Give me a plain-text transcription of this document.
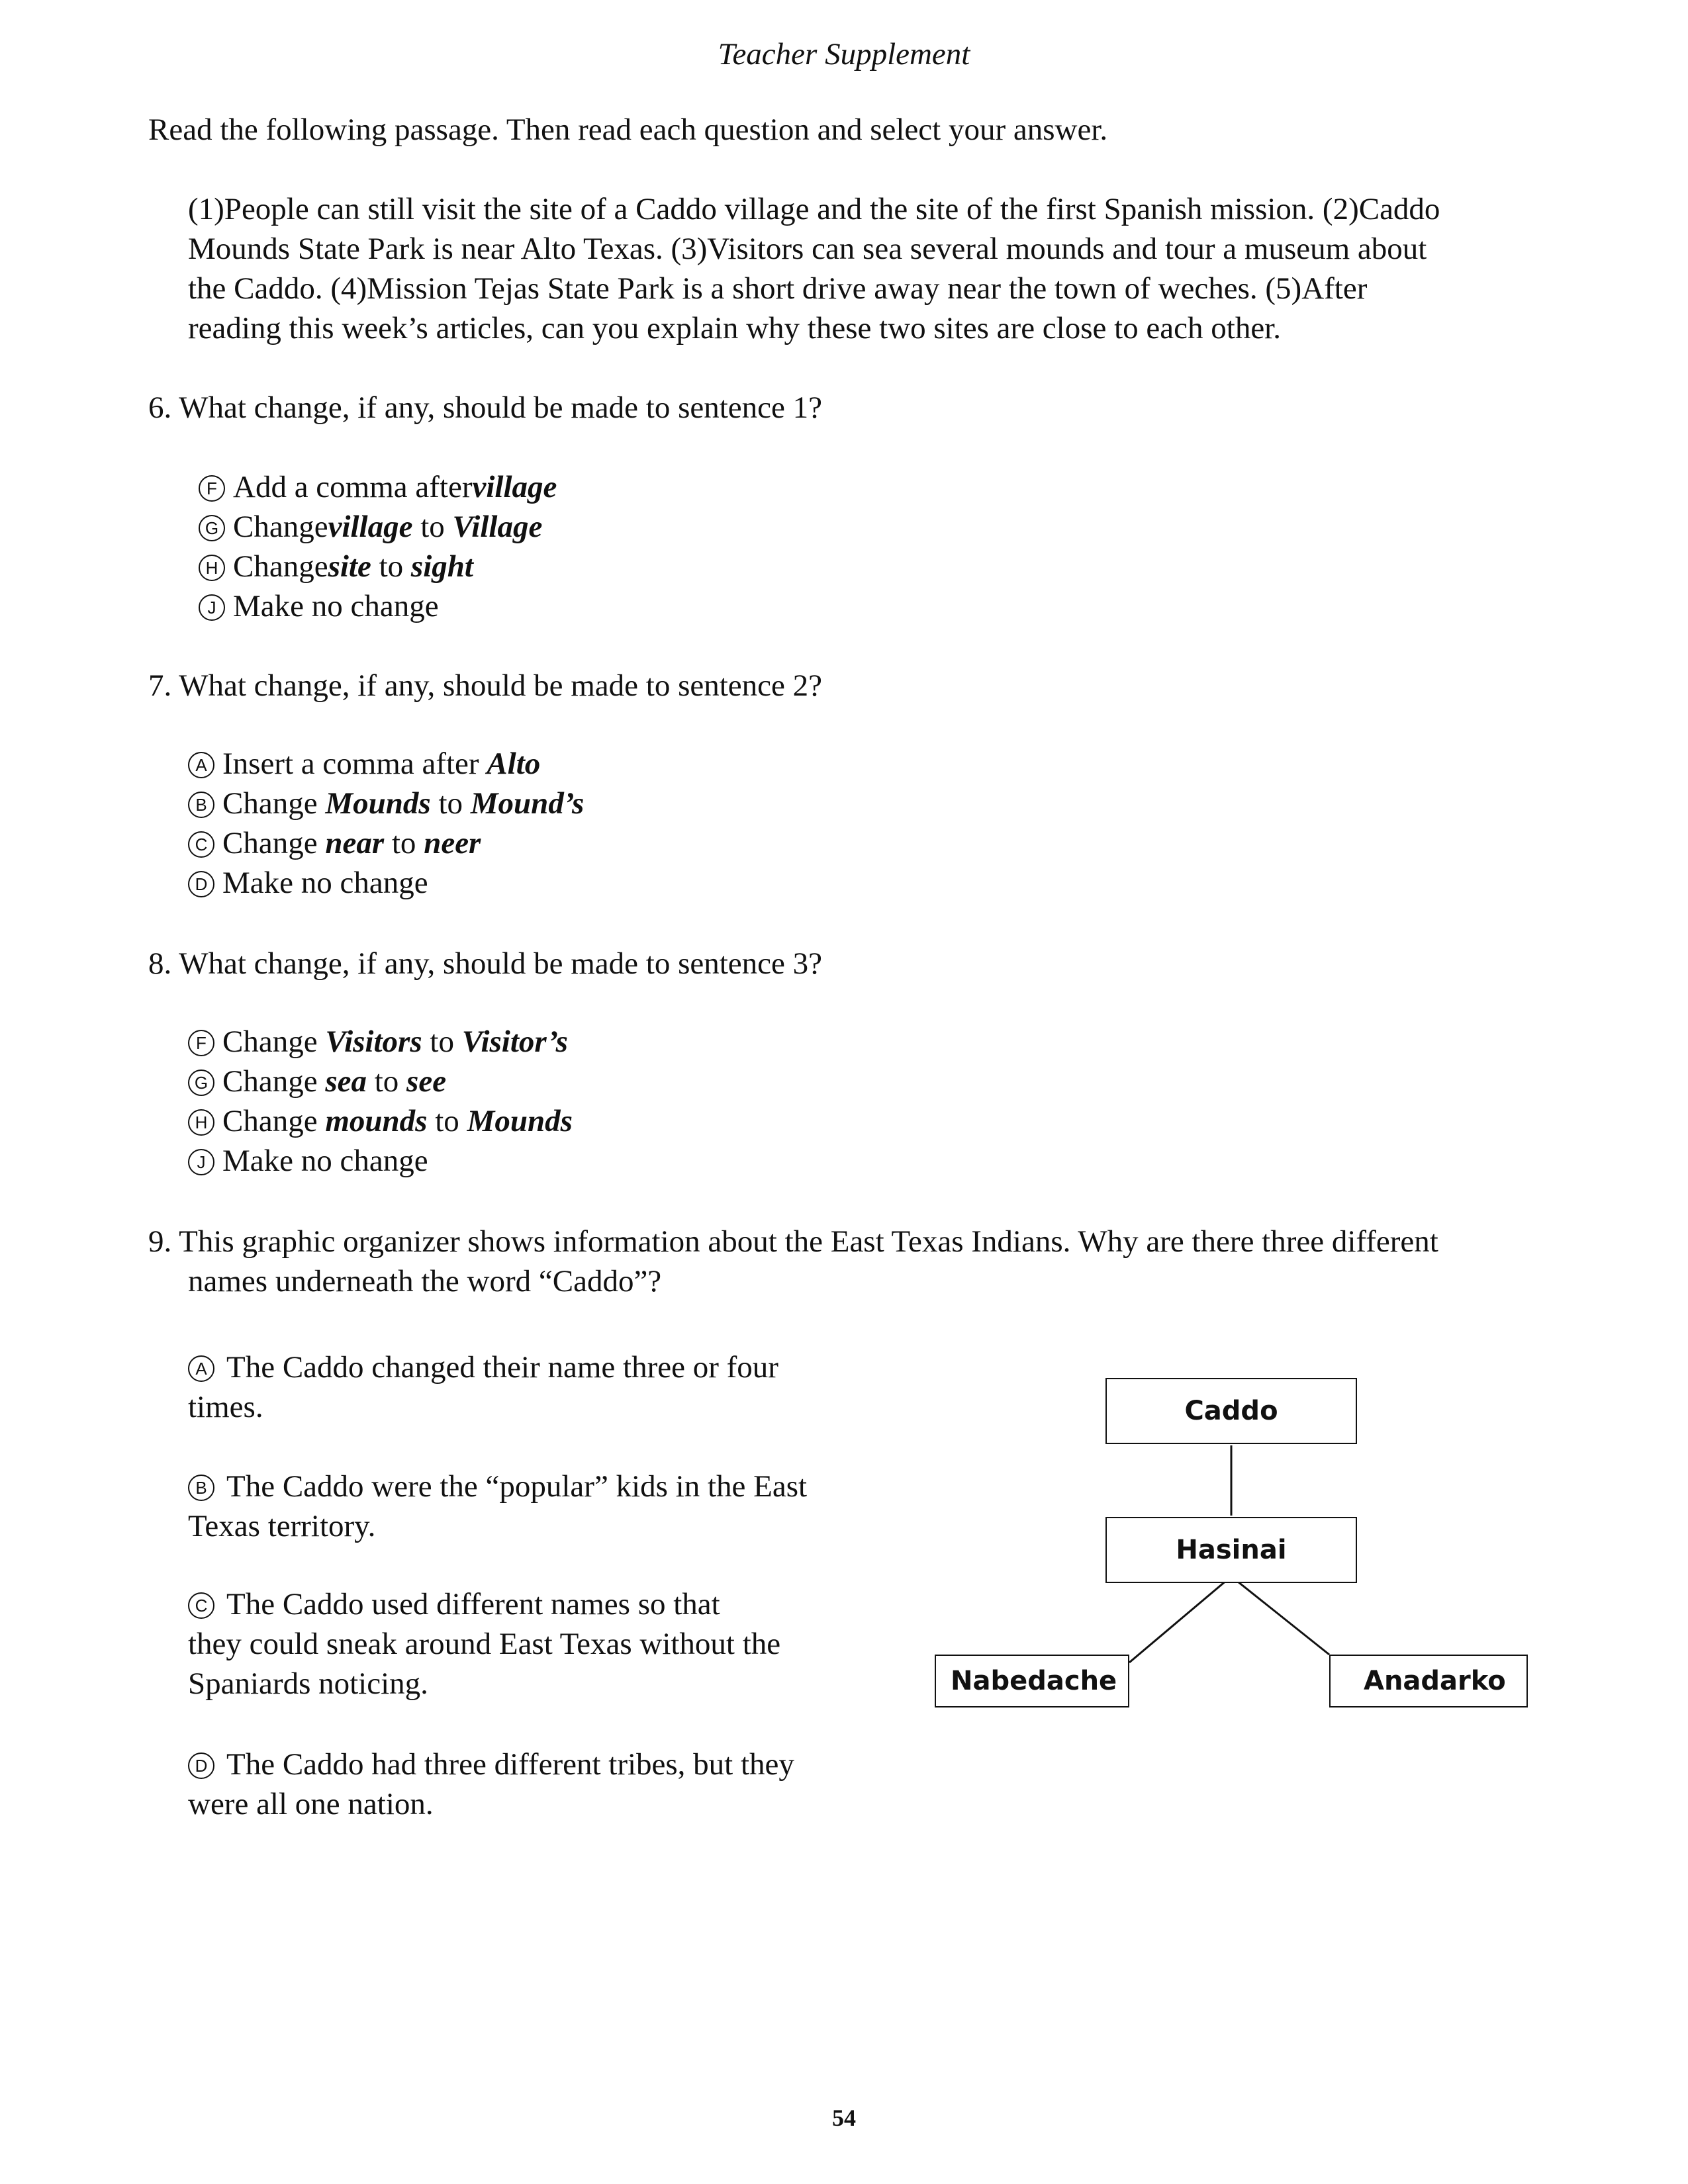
Teacher Supplement
Read the following passage. Then read each question and select your answer.
(1)People can still visit the site of a Caddo village and the site of the first Spanish mission. (2)Caddo
Mounds State Park is near Alto Texas. (3)Visitors can sea several mounds and tour a museum about
the Caddo. (4)Mission Tejas State Park is a short drive away near the town of weches. (5)After
reading this week’s articles, can you explain why these two sites are close to each other.
6. What change, if any, should be made to sentence 1?
F Add a comma after village
G Change village to Village
H Change site to sight
J Make no change
7. What change, if any, should be made to sentence 2?
A Insert a comma after Alto
B Change Mounds to Mound’s
C Change near to neer
D Make no change
8. What change, if any, should be made to sentence 3?
F Change Visitors to Visitor’s
G Change sea to see
H Change mounds to Mounds
J Make no change
9. This graphic organizer shows information about the East Texas Indians. Why are there three different
names underneath the word “Caddo”?
A The Caddo changed their name three or four
times.
B The Caddo were the “popular” kids in the East
Texas territory.
C The Caddo used different names so that
they could sneak around East Texas without the
Spaniards noticing.
D The Caddo had three different tribes, but they
were all one nation.
Caddo
Hasinai
Nabedache	Anadarko
54
